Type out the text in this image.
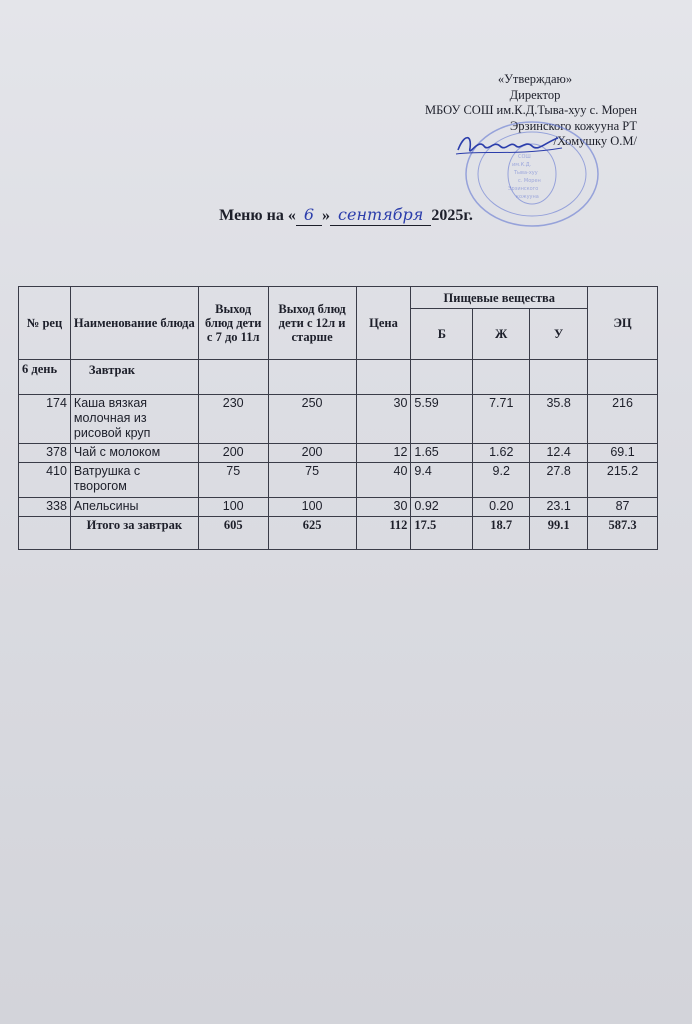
«Утверждаю»
Директор
МБОУ СОШ им.К.Д.Тыва-хуу с. Морен
Эрзинского кожууна РТ
/Хомушку О.М/
СОШ
им.К.Д.
Тыва-хуу
с. Морен
Эрзинского
кожууна
Меню на « 6 » сентября 2025г.
№ рец	Наименование блюда	Выход блюд дети с 7 до 11л	Выход блюд дети с 12л и старше	Цена	Пищевые вещества			ЭЦ
					Б	Ж	У	
6 день	Завтрак							
174	Каша вязкая молочная из рисовой круп	230	250	30	5.59	7.71	35.8	216
378	Чай с молоком	200	200	12	1.65	1.62	12.4	69.1
410	Ватрушка с творогом	75	75	40	9.4	9.2	27.8	215.2
338	Апельсины	100	100	30	0.92	0.20	23.1	87
	Итого за завтрак	605	625	112	17.5	18.7	99.1	587.3
